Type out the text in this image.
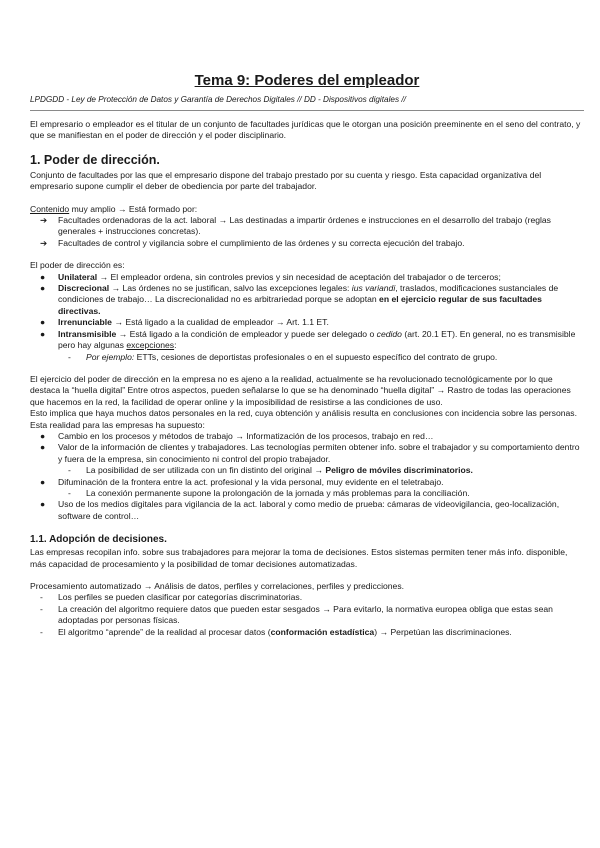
Tema 9: Poderes del empleador

LPDGDD - Ley de Protección de Datos y Garantía de Derechos Digitales // DD - Dispositivos digitales //

El empresario o empleador es el titular de un conjunto de facultades jurídicas que le otorgan una posición preeminente en el seno del contrato, y que se manifiestan en el poder de dirección y el poder disciplinario.

1. Poder de dirección.

Conjunto de facultades por las que el empresario dispone del trabajo prestado por su cuenta y riesgo. Esta capacidad organizativa del empresario supone cumplir el deber de obediencia por parte del trabajador.

Contenido muy amplio → Está formado por:

➔	Facultades ordenadoras de la act. laboral → Las destinadas a impartir órdenes e instrucciones en el desarrollo del trabajo (reglas generales + instrucciones concretas).
➔	Facultades de control y vigilancia sobre el cumplimiento de las órdenes y su correcta ejecución del trabajo.

El poder de dirección es:

●	Unilateral → El empleador ordena, sin controles previos y sin necesidad de aceptación del trabajador o de terceros;
●	Discrecional → Las órdenes no se justifican, salvo las excepciones legales: ius variandi, traslados, modificaciones sustanciales de condiciones de trabajo… La discrecionalidad no es arbitrariedad porque se adoptan en el ejercicio regular de sus facultades directivas.
●	Irrenunciable → Está ligado a la cualidad de empleador → Art. 1.1 ET.
●	Intransmisible → Está ligado a la condición de empleador y puede ser delegado o cedido (art. 20.1 ET). En general, no es transmisible pero hay algunas excepciones:
- Por ejemplo: ETTs, cesiones de deportistas profesionales o en el supuesto específico del contrato de grupo.

El ejercicio del poder de dirección en la empresa no es ajeno a la realidad, actualmente se ha revolucionado tecnológicamente por lo que destaca la “huella digital” Entre otros aspectos, pueden señalarse lo que se ha denominado “huella digital” → Rastro de todas las operaciones que hacemos en la red, la facilidad de operar online y la imposibilidad de resistirse a las condiciones de uso.

Esto implica que haya muchos datos personales en la red, cuya obtención y análisis resulta en conclusiones con incidencia sobre las personas. Esta realidad para las empresas ha supuesto:

●	Cambio en los procesos y métodos de trabajo → Informatización de los procesos, trabajo en red…
●	Valor de la información de clientes y trabajadores. Las tecnologías permiten obtener info. sobre el trabajador y su comportamiento dentro y fuera de la empresa, sin conocimiento ni control del propio trabajador.
- La posibilidad de ser utilizada con un fin distinto del original → Peligro de móviles discriminatorios.
●	Difuminación de la frontera entre la act. profesional y la vida personal, muy evidente en el teletrabajo.
- La conexión permanente supone la prolongación de la jornada y más problemas para la conciliación.
●	Uso de los medios digitales para vigilancia de la act. laboral y como medio de prueba: cámaras de videovigilancia, geo-localización, software de control…
1.1. Adopción de decisiones.

Las empresas recopilan info. sobre sus trabajadores para mejorar la toma de decisiones. Estos sistemas permiten tener más info. disponible, más capacidad de procesamiento y la posibilidad de tomar decisiones automatizadas.

Procesamiento automatizado → Análisis de datos, perfiles y correlaciones, perfiles y predicciones.

- Los perfiles se pueden clasificar por categorías discriminatorias.
- La creación del algoritmo requiere datos que pueden estar sesgados → Para evitarlo, la normativa europea obliga que estas sean adoptadas por personas físicas.
- El algoritmo “aprende” de la realidad al procesar datos (conformación estadística) → Perpetúan las discriminaciones.
